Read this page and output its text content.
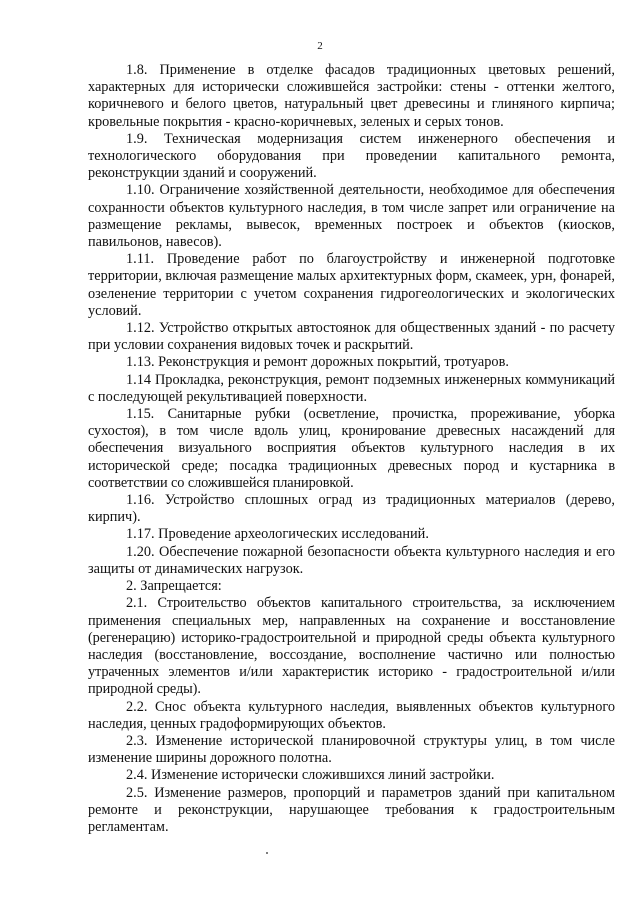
2

1.8. Применение в отделке фасадов традиционных цветовых решений, характерных для исторически сложившейся застройки: стены - оттенки желтого, коричневого и белого цветов, натуральный цвет древесины и глиняного кирпича; кровельные покрытия - красно-коричневых, зеленых и серых тонов.

1.9. Техническая модернизация систем инженерного обеспечения и технологического оборудования при проведении капитального ремонта, реконструкции зданий и сооружений.

1.10. Ограничение хозяйственной деятельности, необходимое для обеспечения сохранности объектов культурного наследия, в том числе запрет или ограничение на размещение рекламы, вывесок, временных построек и объектов (киосков, павильонов, навесов).

1.11. Проведение работ по благоустройству и инженерной подготовке территории, включая размещение малых архитектурных форм, скамеек, урн, фонарей, озеленение территории с учетом сохранения гидрогеологических и экологических условий.

1.12. Устройство открытых автостоянок для общественных зданий - по расчету при условии сохранения видовых точек и раскрытий.

1.13. Реконструкция и ремонт дорожных покрытий, тротуаров.

1.14 Прокладка, реконструкция, ремонт подземных инженерных коммуникаций с последующей рекультивацией поверхности.

1.15. Санитарные рубки (осветление, прочистка, прореживание, уборка сухостоя), в том числе вдоль улиц, кронирование древесных насаждений для обеспечения визуального восприятия объектов культурного наследия в их исторической среде; посадка традиционных древесных пород и кустарника в соответствии со сложившейся планировкой.

1.16. Устройство сплошных оград из традиционных материалов (дерево, кирпич).

1.17. Проведение археологических исследований.

1.20. Обеспечение пожарной безопасности объекта культурного наследия и его защиты от динамических нагрузок.

2. Запрещается:

2.1. Строительство объектов капитального строительства, за исключением применения специальных мер, направленных на сохранение и восстановление (регенерацию) историко-градостроительной и природной среды объекта культурного наследия (восстановление, воссоздание, восполнение частично или полностью утраченных элементов и/или характеристик историко - градостроительной и/или природной среды).

2.2. Снос объекта культурного наследия, выявленных объектов культурного наследия, ценных градоформирующих объектов.

2.3. Изменение исторической планировочной структуры улиц, в том числе изменение ширины дорожного полотна.

2.4. Изменение исторически сложившихся линий застройки.

2.5. Изменение размеров, пропорций и параметров зданий при капитальном ремонте и реконструкции, нарушающее требования к градостроительным регламентам.
